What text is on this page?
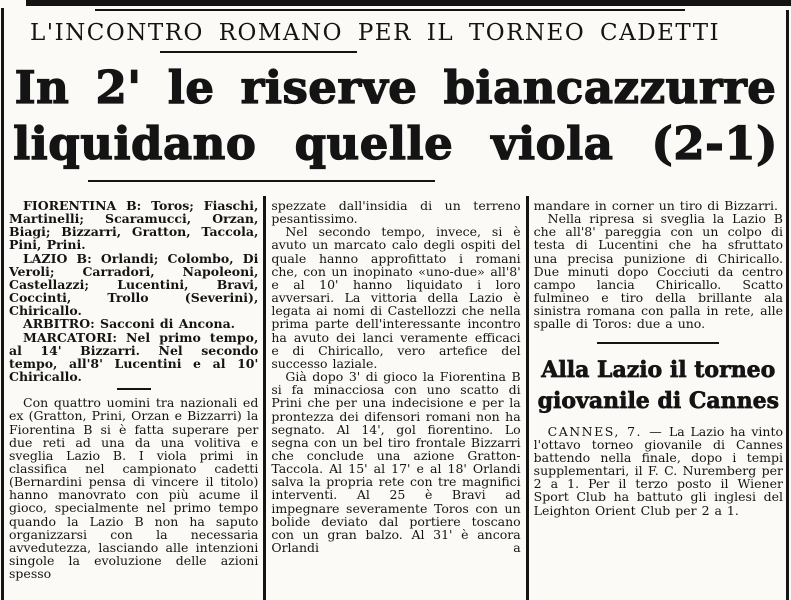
L'INCONTRO ROMANO PER IL TORNEO CADETTI
In 2' le riserve biancazzurre
liquidano quelle viola (2-1)

FIORENTINA B: Toros; Fiaschi, Martinelli; Scaramucci, Orzan, Biagi; Bizzarri, Gratton, Taccola, Pini, Prini.

LAZIO B: Orlandi; Colombo, Di Veroli; Carradori, Napoleoni, Castellazzi; Lucentini, Bravi, Coccinti, Trollo (Severini), Chiricallo.

ARBITRO: Sacconi di Ancona.

MARCATORI: Nel primo tempo, al 14' Bizzarri. Nel secondo tempo, all'8' Lucentini e al 10' Chiricallo.

Con quattro uomini tra nazionali ed ex (Gratton, Prini, Orzan e Bizzarri) la Fiorentina B si è fatta superare per due reti ad una da una volitiva e sveglia Lazio B. I viola primi in classifica nel campionato cadetti (Bernardini pensa di vincere il titolo) hanno manovrato con più acume il gioco, specialmente nel primo tempo quando la Lazio B non ha saputo organizzarsi con la necessaria avvedutezza, lasciando alle intenzioni singole la evoluzione delle azioni spesso

spezzate dall'insidia di un terreno pesantissimo.

Nel secondo tempo, invece, si è avuto un marcato calo degli ospiti del quale hanno approfittato i romani che, con un inopinato «uno-due» all'8' e al 10' hanno liquidato i loro avversari. La vittoria della Lazio è legata ai nomi di Castellozzi che nella prima parte dell'interessante incontro ha avuto dei lanci veramente efficaci e di Chiricallo, vero artefice del successo laziale.

Già dopo 3' di gioco la Fiorentina B si fa minacciosa con uno scatto di Prini che per una indecisione e per la prontezza dei difensori romani non ha segnato. Al 14', gol fiorentino. Lo segna con un bel tiro frontale Bizzarri che conclude una azione Gratton-Taccola. Al 15' al 17' e al 18' Orlandi salva la propria rete con tre magnifici interventi. Al 25 è Bravi ad impegnare severamente Toros con un bolide deviato dal portiere toscano con un gran balzo. Al 31' è ancora Orlandi a

mandare in corner un tiro di Bizzarri.

Nella ripresa si sveglia la Lazio B che all'8' pareggia con un colpo di testa di Lucentini che ha sfruttato una precisa punizione di Chiricallo. Due minuti dopo Cocciuti da centro campo lancia Chiricallo. Scatto fulmineo e tiro della brillante ala sinistra romana con palla in rete, alle spalle di Toros: due a uno.

Alla Lazio il torneo
giovanile di Cannes

CANNES, 7. — La Lazio ha vinto l'ottavo torneo giovanile di Cannes battendo nella finale, dopo i tempi supplementari, il F. C. Nuremberg per 2 a 1. Per il terzo posto il Wiener Sport Club ha battuto gli inglesi del Leighton Orient Club per 2 a 1.
